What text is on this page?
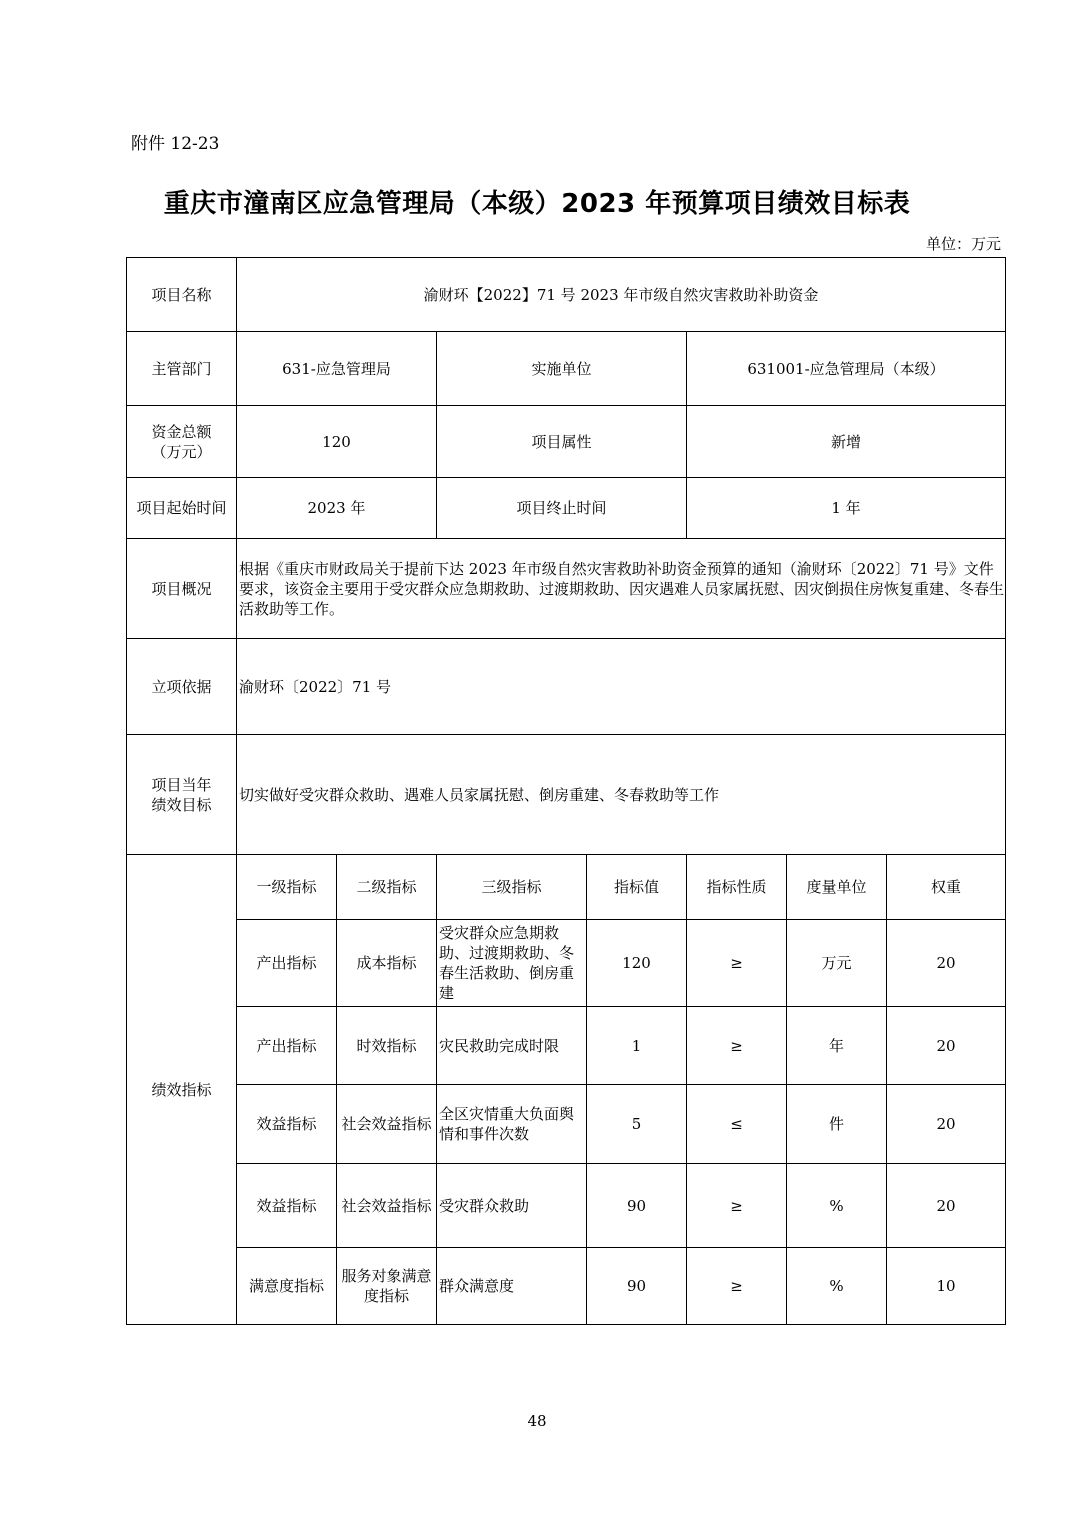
附件 12-23
重庆市潼南区应急管理局（本级）2023 年预算项目绩效目标表
单位：万元
项目名称	渝财环【2022】71 号 2023 年市级自然灾害救助补助资金						
主管部门	631-应急管理局		实施单位		631001-应急管理局（本级）		

资金总额
（万元）	120		项目属性		新增		
项目起始时间	2023 年		项目终止时间		1 年		
项目概况	根据《重庆市财政局关于提前下达 2023 年市级自然灾害救助补助资金预算的通知（渝财环〔2022〕71 号》文件要求，该资金主要用于受灾群众应急期救助、过渡期救助、因灾遇难人员家属抚慰、因灾倒损住房恢复重建、冬春生活救助等工作。						
立项依据	渝财环〔2022〕71 号						

项目当年
绩效目标	切实做好受灾群众救助、遇难人员家属抚慰、倒房重建、冬春救助等工作						
绩效指标	一级指标	二级指标	三级指标	指标值	指标性质	度量单位	权重
	产出指标	成本指标	受灾群众应急期救助、过渡期救助、冬春生活救助、倒房重建	120	≥	万元	20
	产出指标	时效指标	灾民救助完成时限	1	≥	年	20
	效益指标	社会效益指标	全区灾情重大负面舆情和事件次数	5	≤	件	20
	效益指标	社会效益指标	受灾群众救助	90	≥	%	20
	满意度指标	服务对象满意度指标	群众满意度	90	≥	%	10
48
